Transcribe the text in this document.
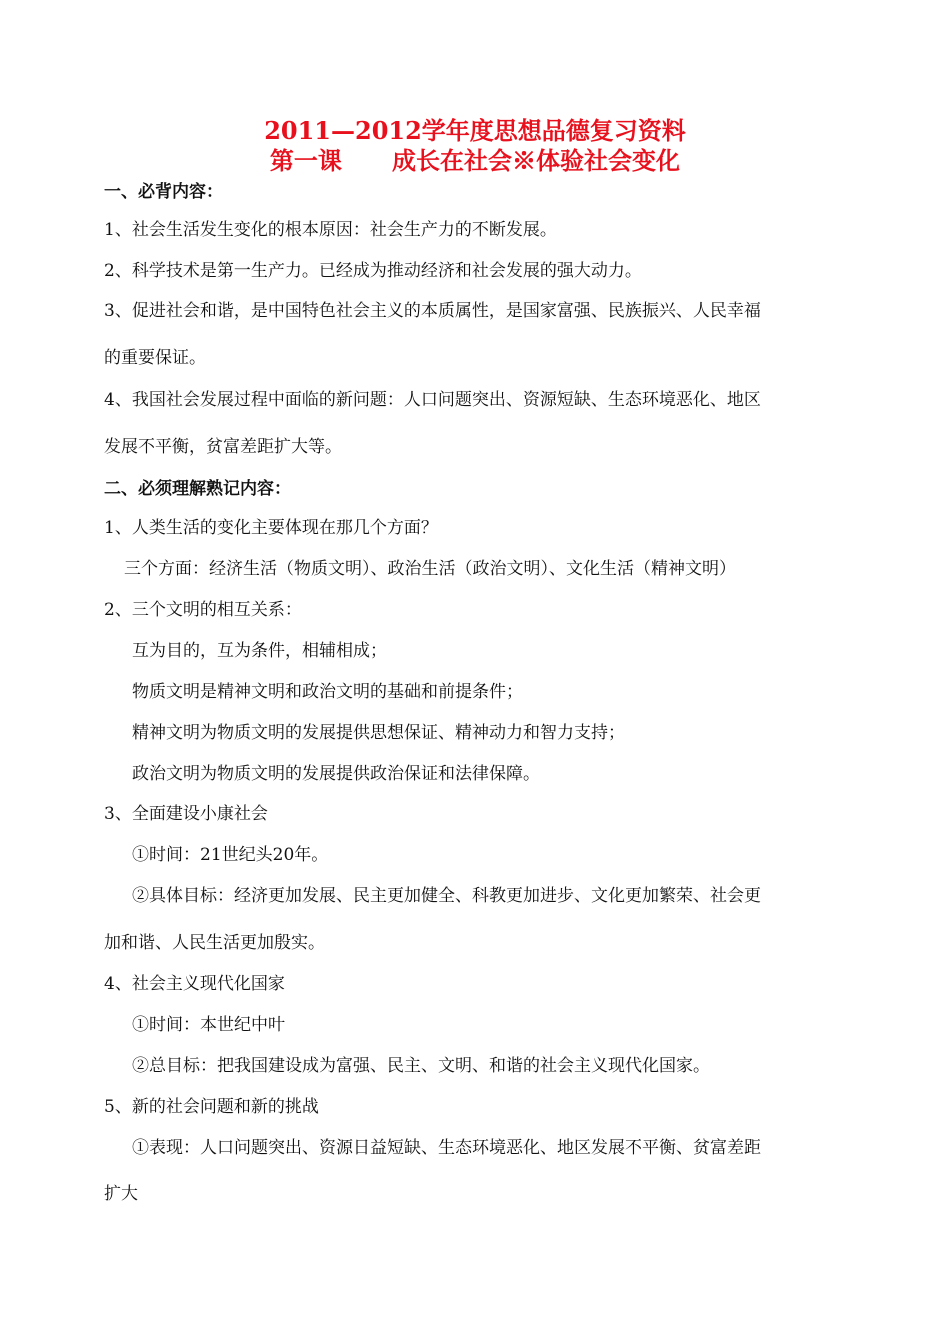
2011—2012学年度思想品德复习资料
第一课      成长在社会※体验社会变化
一、必背内容：
1、社会生活发生变化的根本原因：社会生产力的不断发展。
2、科学技术是第一生产力。已经成为推动经济和社会发展的强大动力。
3、促进社会和谐，是中国特色社会主义的本质属性，是国家富强、民族振兴、人民幸福
的重要保证。
4、我国社会发展过程中面临的新问题：人口问题突出、资源短缺、生态环境恶化、地区
发展不平衡，贫富差距扩大等。
二、必须理解熟记内容：
1、人类生活的变化主要体现在那几个方面？
三个方面：经济生活（物质文明）、政治生活（政治文明）、文化生活（精神文明）
2、三个文明的相互关系：
互为目的，互为条件，相辅相成；
物质文明是精神文明和政治文明的基础和前提条件；
精神文明为物质文明的发展提供思想保证、精神动力和智力支持；
政治文明为物质文明的发展提供政治保证和法律保障。
3、全面建设小康社会
①时间：21世纪头20年。
②具体目标：经济更加发展、民主更加健全、科教更加进步、文化更加繁荣、社会更
加和谐、人民生活更加殷实。
4、社会主义现代化国家
①时间：本世纪中叶
②总目标：把我国建设成为富强、民主、文明、和谐的社会主义现代化国家。
5、新的社会问题和新的挑战
①表现：人口问题突出、资源日益短缺、生态环境恶化、地区发展不平衡、贫富差距
扩大
